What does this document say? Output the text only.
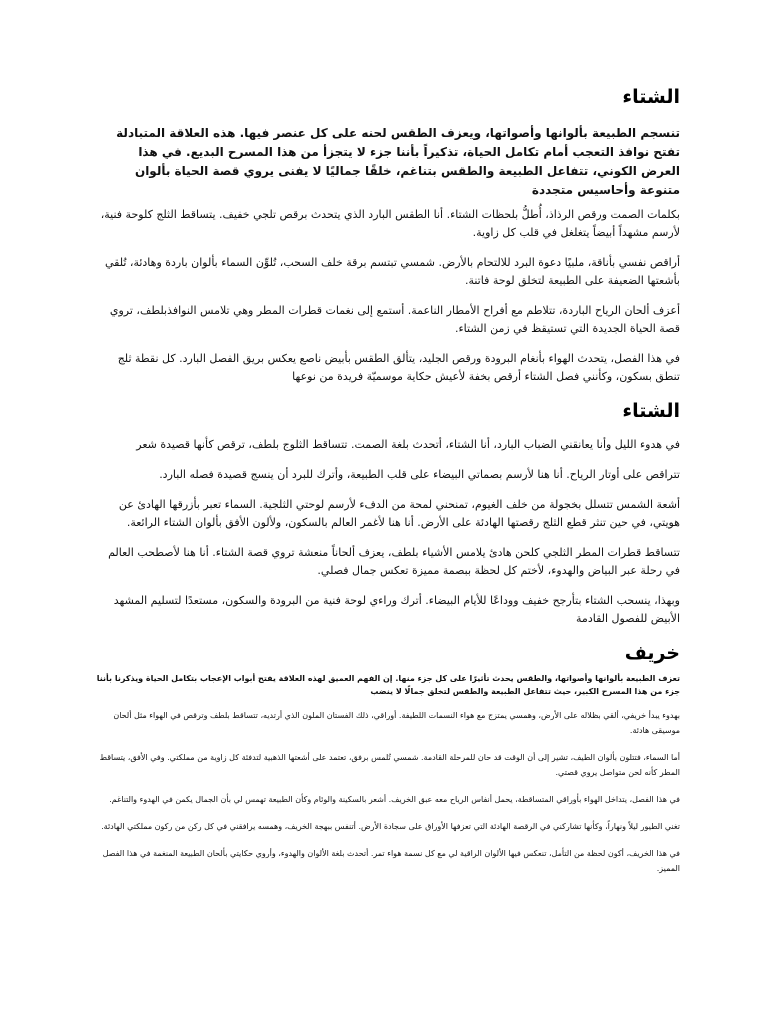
الشتاء

تنسجم الطبيعة بألوانها وأصواتها، ويعزف الطقس لحنه على كل عنصر فيها. هذه العلاقة المتبادلة تفتح نوافذ التعجب أمام تكامل الحياة، تذكيراً بأننا جزء لا يتجزأ من هذا المسرح البديع. في هذا العرض الكوني، تتفاعل الطبيعة والطقس بتناغم، خلقًا جماليًا لا يفنى يروي قصة الحياة بألوان متنوعة وأحاسيس متجددة

بكلمات الصمت ورقص الرذاذ، أُطلُّ بلحظات الشتاء. أنا الطقس البارد الذي يتحدث برقص تلجي خفيف. يتساقط الثلج كلوحة فنية، لأرسم مشهداً أبيضاً يتغلغل في قلب كل زاوية.

أراقص نفسي بأناقة، ملبيًا دعوة البرد للالتحام بالأرض. شمسي تبتسم برقة خلف السحب، تُلوِّن السماء بألوان باردة وهادئة، تُلقي بأشعتها الضعيفة على الطبيعة لتخلق لوحة فاتنة.

أعزف ألحان الرياح الباردة، تتلاطم مع أفراح الأمطار الناعمة. أستمع إلى نغمات قطرات المطر وهي تلامس النوافذبلطف، تروي قصة الحياة الجديدة التي تستيقظ في زمن الشتاء.

في هذا الفصل، يتحدث الهواء بأنغام البرودة ورقص الجليد، يتألق الطقس بأبيض ناصع يعكس بريق الفصل البارد. كل نقطة ثلج تنطق بسكون، وكأنني فصل الشتاء أرقص بخفة لأعيش حكاية موسميّة فريدة من نوعها

الشتاء

في هدوء الليل وأنا يعانقني الضباب البارد، أنا الشتاء، أتحدث بلغة الصمت. تتساقط الثلوج بلطف، ترقص كأنها قصيدة شعر

تتراقص على أوتار الرياح. أنا هنا لأرسم بصماتي البيضاء على قلب الطبيعة، وأترك للبرد أن ينسج قصيدة فصله البارد.

أشعة الشمس تتسلل بخجولة من خلف الغيوم، تمنحني لمحة من الدفء لأرسم لوحتي الثلجية. السماء تعبر بأزرقها الهادئ عن هويتي، في حين تنثر قطع الثلج رقصتها الهادئة على الأرض. أنا هنا لأغمر العالم بالسكون، ولألون الأفق بألوان الشتاء الرائعة.

تتساقط قطرات المطر الثلجي كلحن هادئ يلامس الأشياء بلطف، يعزف ألحاناً منعشة تروي قصة الشتاء. أنا هنا لأصطحب العالم في رحلة عبر البياض والهدوء، لأختم كل لحظة ببصمة مميزة تعكس جمال فصلي.

وبهذا، ينسحب الشتاء بتأرجح خفيف ووداعًا للأيام البيضاء. أترك وراءي لوحة فنية من البرودة والسكون، مستعدًا لتسليم المشهد الأبيض للفصول القادمة

خريف

تعزف الطبيعة بألوانها وأصواتها، والطقس يحدث تأثيرًا على كل جزء منها. إن الفهم العميق لهذه العلاقة يفتح أبواب الإعجاب بتكامل الحياة ويذكرنا بأننا جزء من هذا المسرح الكبير، حيث تتفاعل الطبيعة والطقس لتخلق جمالًا لا ينضب

بهدوء يبدأ خريفي، ألقي بظلاله على الأرض، وهمسي يمتزج مع هواء النسمات اللطيفة. أوراقي، ذلك الفستان الملون الذي أرتديه، تتساقط بلطف وترقص في الهواء مثل ألحان موسيقى هادئة.

أما السماء، فتتلون بألوان الطيف، تشير إلى أن الوقت قد حان للمرحلة القادمة. شمسي تُلمس برفق، تعتمد على أشعتها الذهبية لتدفئة كل زاوية من مملكتي. وفي الأفق، يتساقط المطر كأنه لحن متواصل يروي قصتي.

في هذا الفصل، يتداخل الهواء بأوراقي المتساقطة، يحمل أنفاس الرياح معه عبق الخريف. أشعر بالسكينة والوئام وكأن الطبيعة تهمس لي بأن الجمال يكمن في الهدوء والتناغم.

تغني الطيور ليلاً ونهاراً، وكأنها تشاركني في الرقصة الهادئة التي تعزفها الأوراق على سجادة الأرض. أتنفس ببهجة الخريف، وهمسه يرافقني في كل ركن من ركون مملكتي الهادئة.

في هذا الخريف، أكون لحظة من التأمل، تنعكس فيها الألوان الراقية لي مع كل نسمة هواء تمر. أتحدث بلغة الألوان والهدوء، وأروي حكايتي بألحان الطبيعة المنغمة في هذا الفصل المميز.
